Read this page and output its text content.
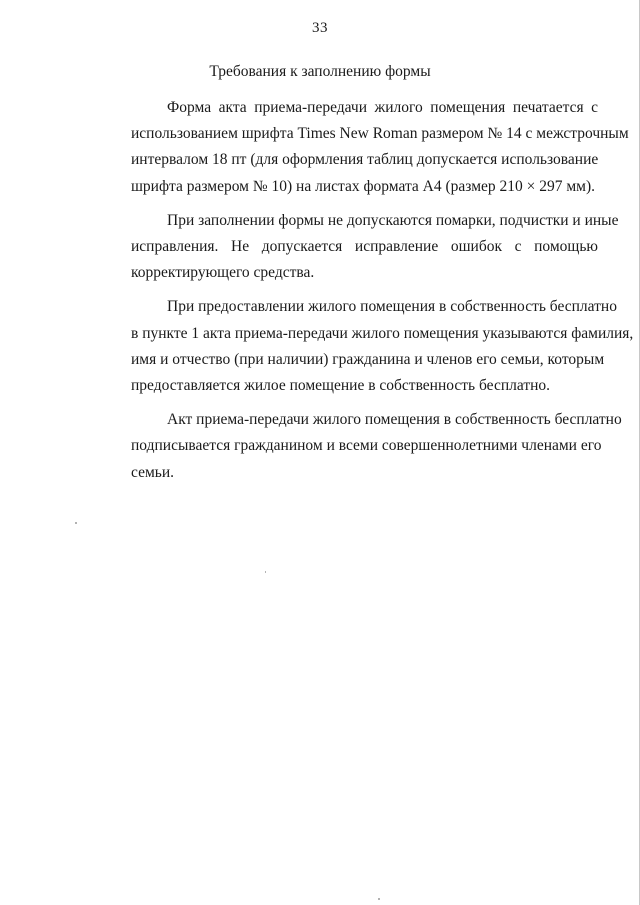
33
Требования к заполнению формы
Форма акта приема-передачи жилого помещения печатается с
использованием шрифта Times New Roman размером № 14 с межстрочным
интервалом 18 пт (для оформления таблиц допускается использование
шрифта размером № 10) на листах формата А4 (размер 210 × 297 мм).
При заполнении формы не допускаются помарки, подчистки и иные
исправления. Не допускается исправление ошибок с помощью
корректирующего средства.
При предоставлении жилого помещения в собственность бесплатно
в пункте 1 акта приема-передачи жилого помещения указываются фамилия,
имя и отчество (при наличии) гражданина и членов его семьи, которым
предоставляется жилое помещение в собственность бесплатно.
Акт приема-передачи жилого помещения в собственность бесплатно
подписывается гражданином и всеми совершеннолетними членами его
семьи.
